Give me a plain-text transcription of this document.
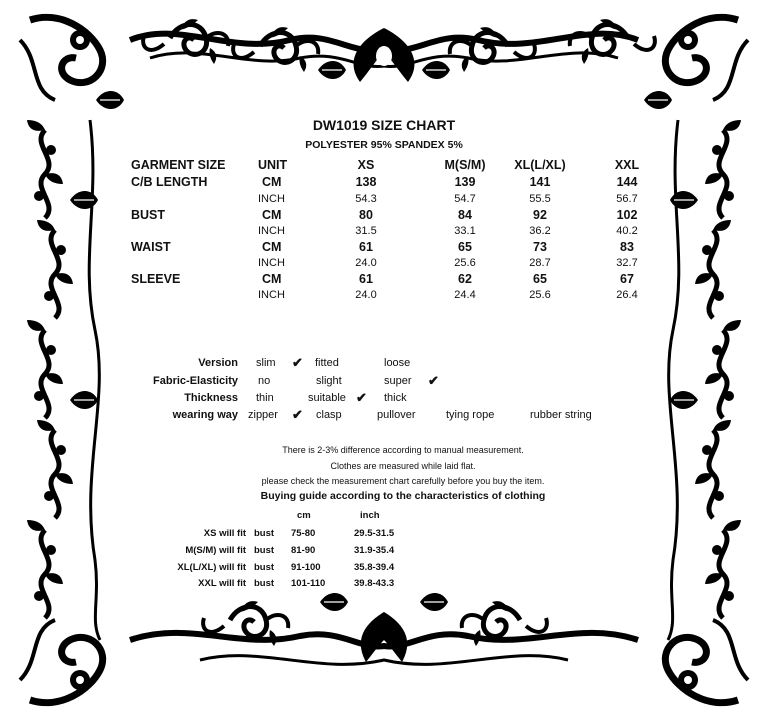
DW1019 SIZE CHART
POLYESTER 95% SPANDEX 5%
GARMENT SIZE	UNIT	XS	M(S/M)	XL(L/XL)	XXL
C/B LENGTH	CM	138	139	141	144
INCH	54.3	54.7	55.5	56.7
BUST	CM	80	84	92	102
INCH	31.5	33.1	36.2	40.2
WAIST	CM	61	65	73	83
INCH	24.0	25.6	28.7	32.7
SLEEVE	CM	61	62	65	67
INCH	24.0	24.4	25.6	26.4
Version slim ✔ fitted	loose
Fabric-Elasticity no	slight	super ✔
Thickness thin	suitable ✔ thick
wearing way zipper ✔ clasp	pullover	tying rope	rubber string
There is 2-3% difference according to manual measurement.
Clothes are measured while laid flat.
please check the measurement chart carefully before you buy the item.
Buying guide according to the characteristics of clothing
cm	inch
XS will fit bust 75-80	29.5-31.5
M(S/M) will fit bust 81-90	31.9-35.4
XL(L/XL) will fit bust 91-100	35.8-39.4
XXL will fit bust 101-110	39.8-43.3
